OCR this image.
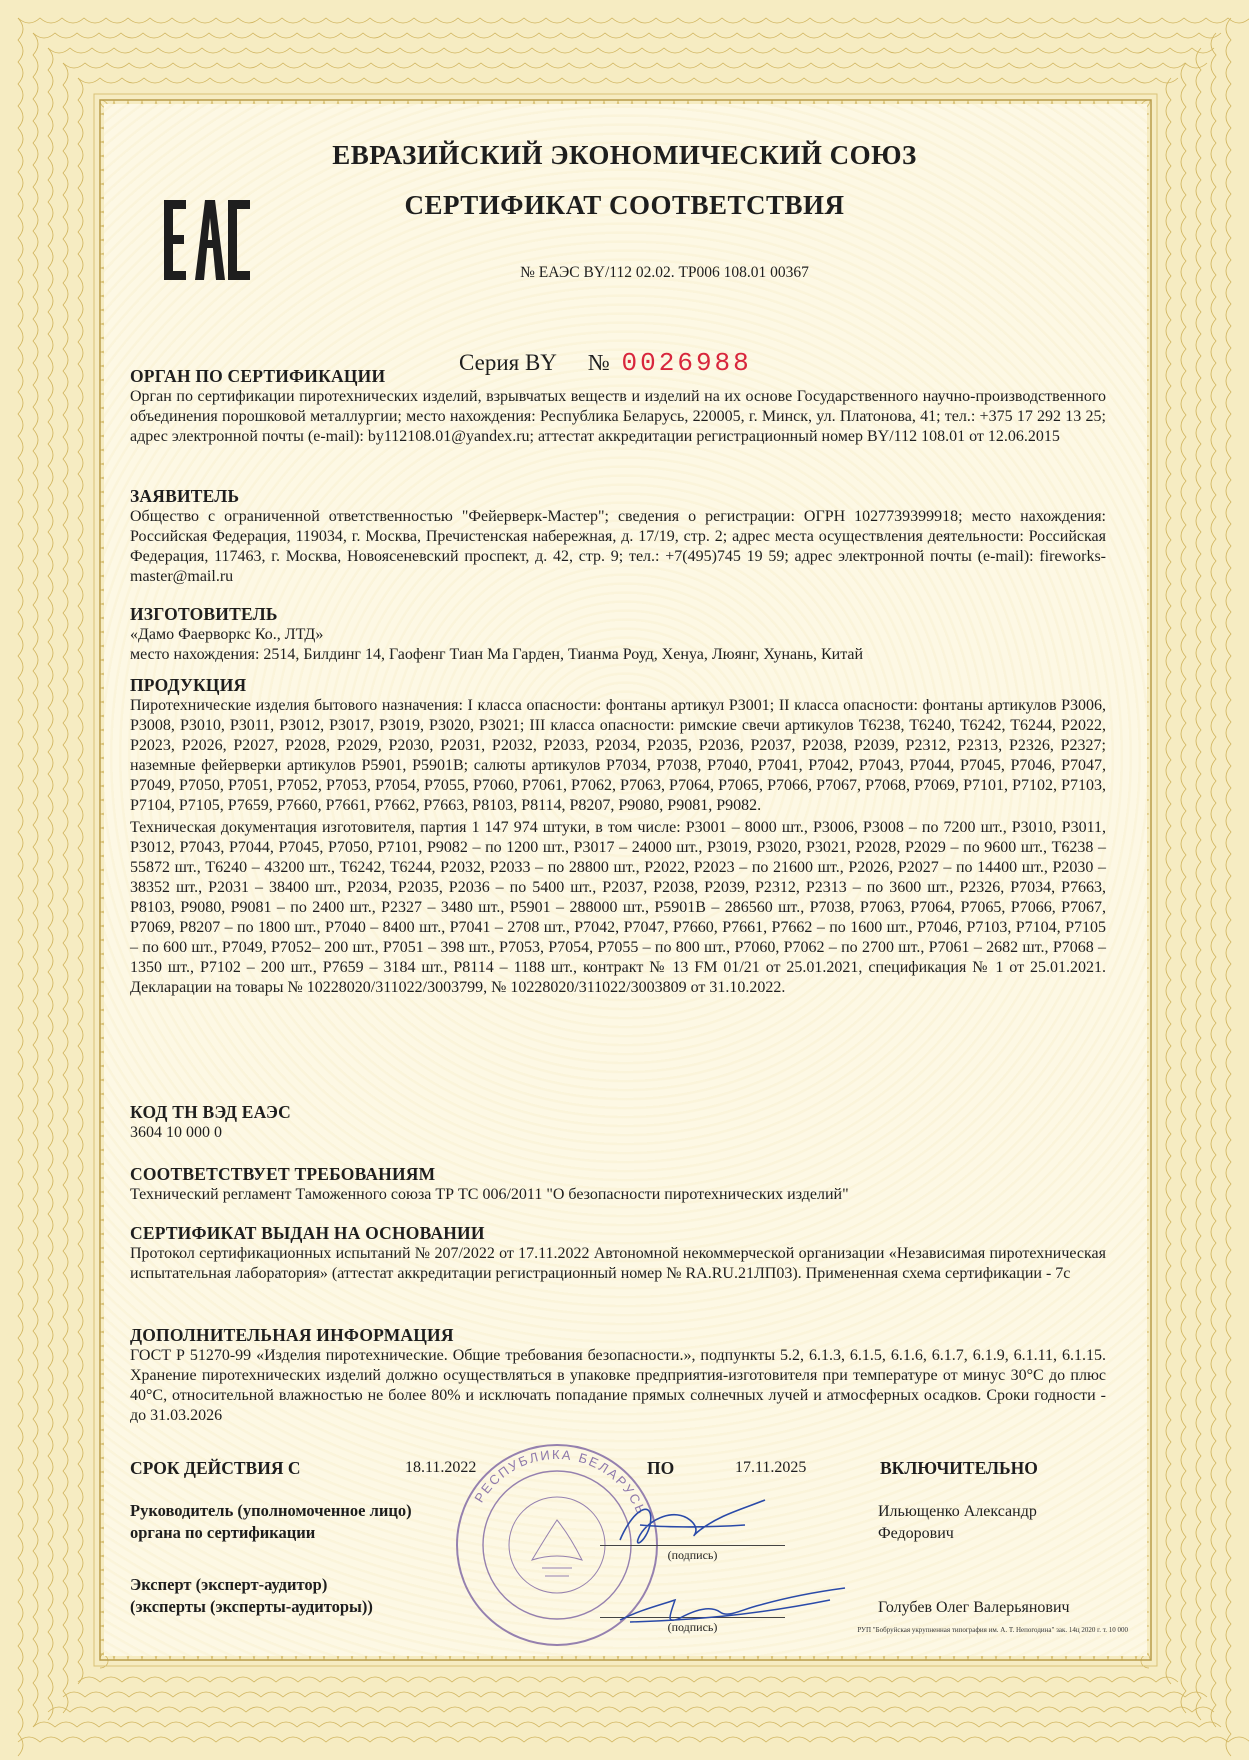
ЕВРАЗИЙСКИЙ ЭКОНОМИЧЕСКИЙ СОЮЗ
СЕРТИФИКАТ СООТВЕТСТВИЯ
№ ЕАЭС BY/112 02.02. ТР006 108.01 00367
Серия BY № 0026988
ОРГАН ПО СЕРТИФИКАЦИИ
Орган по сертификации пиротехнических изделий, взрывчатых веществ и изделий на их основе Государственного научно-производственного объединения порошковой металлургии; место нахождения: Республика Беларусь, 220005, г. Минск, ул. Платонова, 41; тел.: +375 17 292 13 25; адрес электронной почты (e-mail): by112108.01@yandex.ru; аттестат аккредитации регистрационный номер BY/112 108.01 от 12.06.2015
ЗАЯВИТЕЛЬ
Общество с ограниченной ответственностью "Фейерверк-Мастер"; сведения о регистрации: ОГРН 1027739399918; место нахождения: Российская Федерация, 119034, г. Москва, Пречистенская набережная, д. 17/19, стр. 2; адрес места осуществления деятельности: Российская Федерация, 117463, г. Москва, Новоясеневский проспект, д. 42, стр. 9; тел.: +7(495)745 19 59; адрес электронной почты (e-mail): fireworks-master@mail.ru
ИЗГОТОВИТЕЛЬ
«Дамо Фаерворкс Ко., ЛТД»
место нахождения: 2514, Билдинг 14, Гаофенг Тиан Ма Гарден, Тианма Роуд, Хенуа, Люянг, Хунань, Китай
ПРОДУКЦИЯ
Пиротехнические изделия бытового назначения: I класса опасности: фонтаны артикул P3001; II класса опасности: фонтаны артикулов P3006, P3008, P3010, P3011, P3012, P3017, P3019, P3020, P3021; III класса опасности: римские свечи артикулов T6238, T6240, T6242, T6244, P2022, P2023, P2026, P2027, P2028, P2029, P2030, P2031, P2032, P2033, P2034, P2035, P2036, P2037, P2038, P2039, P2312, P2313, P2326, P2327; наземные фейерверки артикулов P5901, P5901B; салюты артикулов P7034, P7038, P7040, P7041, P7042, P7043, P7044, P7045, P7046, P7047, P7049, P7050, P7051, P7052, P7053, P7054, P7055, P7060, P7061, P7062, P7063, P7064, P7065, P7066, P7067, P7068, P7069, P7101, P7102, P7103, P7104, P7105, P7659, P7660, P7661, P7662, P7663, P8103, P8114, P8207, P9080, P9081, P9082.
Техническая документация изготовителя, партия 1 147 974 штуки, в том числе: P3001 – 8000 шт., P3006, P3008 – по 7200 шт., P3010, P3011, P3012, P7043, P7044, P7045, P7050, P7101, P9082 – по 1200 шт., P3017 – 24000 шт., P3019, P3020, P3021, P2028, P2029 – по 9600 шт., T6238 – 55872 шт., T6240 – 43200 шт., T6242, T6244, P2032, P2033 – по 28800 шт., P2022, P2023 – по 21600 шт., P2026, P2027 – по 14400 шт., P2030 – 38352 шт., P2031 – 38400 шт., P2034, P2035, P2036 – по 5400 шт., P2037, P2038, P2039, P2312, P2313 – по 3600 шт., P2326, P7034, P7663, P8103, P9080, P9081 – по 2400 шт., P2327 – 3480 шт., P5901 – 288000 шт., P5901B – 286560 шт., P7038, P7063, P7064, P7065, P7066, P7067, P7069, P8207 – по 1800 шт., P7040 – 8400 шт., P7041 – 2708 шт., P7042, P7047, P7660, P7661, P7662 – по 1600 шт., P7046, P7103, P7104, P7105 – по 600 шт., P7049, P7052– 200 шт., P7051 – 398 шт., P7053, P7054, P7055 – по 800 шт., P7060, P7062 – по 2700 шт., P7061 – 2682 шт., P7068 – 1350 шт., P7102 – 200 шт., P7659 – 3184 шт., P8114 – 1188 шт., контракт № 13 FM 01/21 от 25.01.2021, спецификация № 1 от 25.01.2021. Декларации на товары № 10228020/311022/3003799, № 10228020/311022/3003809 от 31.10.2022.
КОД ТН ВЭД ЕАЭС
3604 10 000 0
СООТВЕТСТВУЕТ ТРЕБОВАНИЯМ
Технический регламент Таможенного союза ТР ТС 006/2011 "О безопасности пиротехнических изделий"
СЕРТИФИКАТ ВЫДАН НА ОСНОВАНИИ
Протокол сертификационных испытаний № 207/2022 от 17.11.2022 Автономной некоммерческой организации «Независимая пиротехническая испытательная лаборатория» (аттестат аккредитации регистрационный номер № RA.RU.21ЛП03). Примененная схема сертификации - 7с
ДОПОЛНИТЕЛЬНАЯ ИНФОРМАЦИЯ
ГОСТ Р 51270-99 «Изделия пиротехнические. Общие требования безопасности.», подпункты 5.2, 6.1.3, 6.1.5, 6.1.6, 6.1.7, 6.1.9, 6.1.11, 6.1.15. Хранение пиротехнических изделий должно осуществляться в упаковке предприятия-изготовителя при температуре от минус 30°С до плюс 40°С, относительной влажностью не более 80% и исключать попадание прямых солнечных лучей и атмосферных осадков. Сроки годности - до 31.03.2026
СРОК ДЕЙСТВИЯ С	18.11.2022	ПО	17.11.2025	ВКЛЮЧИТЕЛЬНО
РЕСПУБЛИКА БЕЛАРУСЬ
Руководитель (уполномоченное лицо)
органа по сертификации
Ильющенко Александр
Федорович
(подпись)
Эксперт (эксперт-аудитор)
(эксперты (эксперты-аудиторы))	Голубев Олег Валерьянович
(подпись)	РУП "Бобруйская укрупненная типография им. А. Т. Непогодина" зак. 14ц 2020 г. т. 10 000
